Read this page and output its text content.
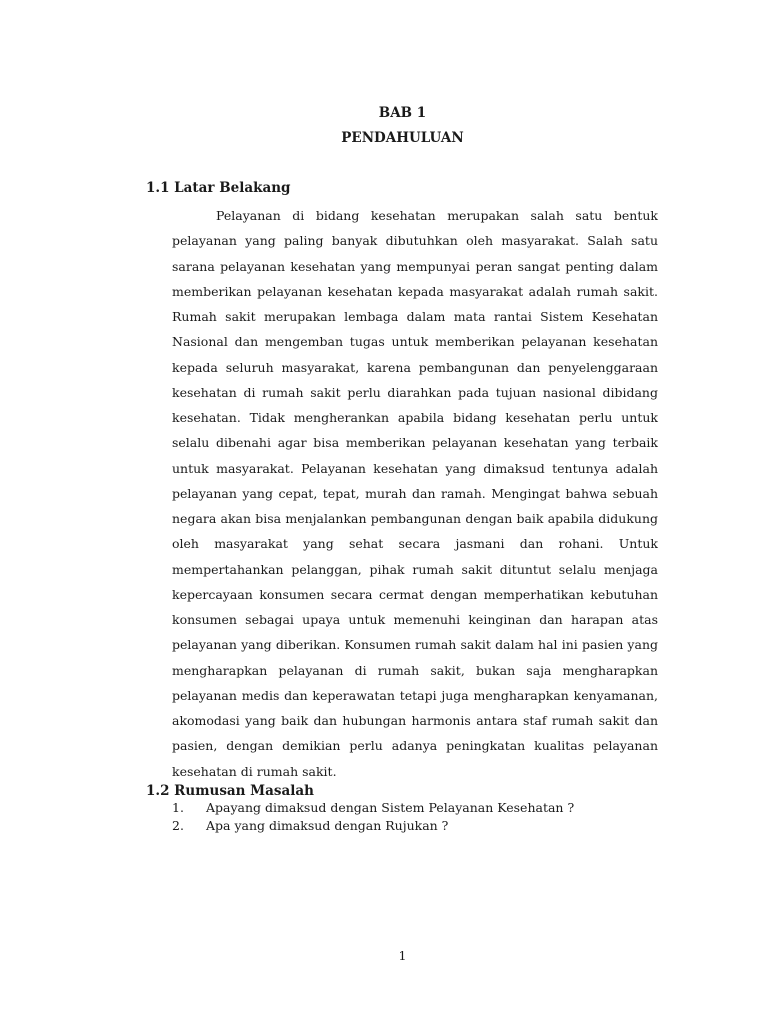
BAB 1
PENDAHULUAN
1.1 Latar Belakang

Pelayanan di bidang kesehatan merupakan salah satu bentuk pelayanan yang paling banyak dibutuhkan oleh masyarakat. Salah satu sarana pelayanan kesehatan yang mempunyai peran sangat penting dalam memberikan pelayanan kesehatan kepada masyarakat adalah rumah sakit. Rumah sakit merupakan lembaga dalam mata rantai Sistem Kesehatan Nasional dan mengemban tugas untuk memberikan pelayanan kesehatan kepada seluruh masyarakat, karena pembangunan dan penyelenggaraan kesehatan di rumah sakit perlu diarahkan pada tujuan nasional dibidang kesehatan. Tidak mengherankan apabila bidang kesehatan perlu untuk selalu dibenahi agar bisa memberikan pelayanan kesehatan yang terbaik untuk masyarakat. Pelayanan kesehatan yang dimaksud tentunya adalah pelayanan yang cepat, tepat, murah dan ramah. Mengingat bahwa sebuah negara akan bisa menjalankan pembangunan dengan baik apabila didukung oleh masyarakat yang sehat secara jasmani dan rohani. Untuk mempertahankan pelanggan, pihak rumah sakit dituntut selalu menjaga kepercayaan konsumen secara cermat dengan memperhatikan kebutuhan konsumen sebagai upaya untuk memenuhi keinginan dan harapan atas pelayanan yang diberikan. Konsumen rumah sakit dalam hal ini pasien yang mengharapkan pelayanan di rumah sakit, bukan saja mengharapkan pelayanan medis dan keperawatan tetapi juga mengharapkan kenyamanan, akomodasi yang baik dan hubungan harmonis antara staf rumah sakit dan pasien, dengan demikian perlu adanya peningkatan kualitas pelayanan kesehatan di rumah sakit.

1.2 Rumusan Masalah
1. Apayang dimaksud dengan Sistem Pelayanan Kesehatan ?
2. Apa yang dimaksud dengan Rujukan ?
1
